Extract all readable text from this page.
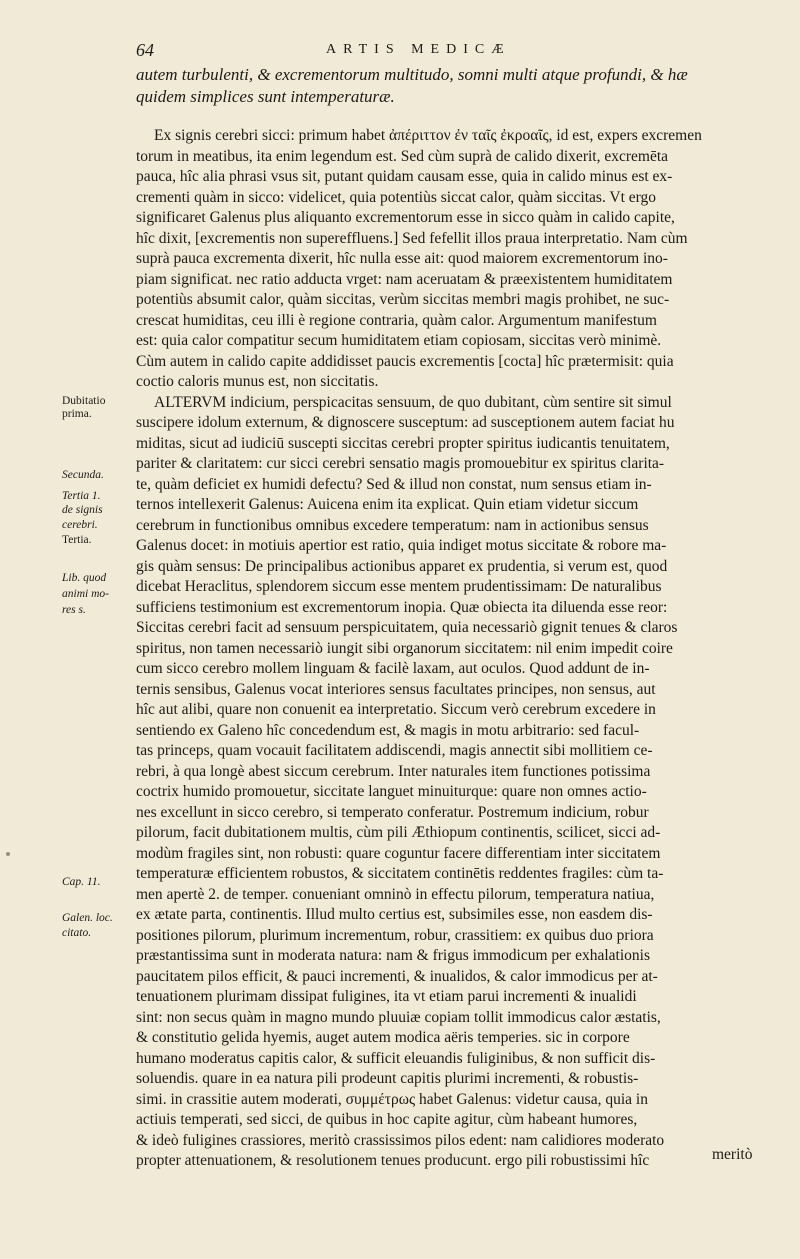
64	ARTIS MEDICÆ
autem turbulenti, & excrementorum multitudo, somni multi atque profundi, & hæ
quidem simplices sunt intemperaturæ.
Ex signis cerebri sicci: primum habet ἀπέριττον ἐν ταῖς ἐκροαῖς, id est, expers excremen
torum in meatibus, ita enim legendum est. Sed cùm suprà de calido dixerit, excremēta
pauca, hîc alia phrasi vsus sit, putant quidam causam esse, quia in calido minus est ex-
crementi quàm in sicco: videlicet, quia potentiùs siccat calor, quàm siccitas. Vt ergo
significaret Galenus plus aliquanto excrementorum esse in sicco quàm in calido capite,
hîc dixit, [excrementis non supereffluens.] Sed fefellit illos praua interpretatio. Nam cùm
suprà pauca excrementa dixerit, hîc nulla esse ait: quod maiorem excrementorum ino-
piam significat. nec ratio adducta vrget: nam aceruatam & præexistentem humiditatem
potentiùs absumit calor, quàm siccitas, verùm siccitas membri magis prohibet, ne suc-
crescat humiditas, ceu illi è regione contraria, quàm calor. Argumentum manifestum
est: quia calor compatitur secum humiditatem etiam copiosam, siccitas verò minimè.
Cùm autem in calido capite addidisset paucis excrementis [cocta] hîc prætermisit: quia
coctio caloris munus est, non siccitatis.
ALTERVM indicium, perspicacitas sensuum, de quo dubitant, cùm sentire sit simul
suscipere idolum externum, & dignoscere susceptum: ad susceptionem autem faciat hu
miditas, sicut ad iudiciū suscepti siccitas cerebri propter spiritus iudicantis tenuitatem,
pariter & claritatem: cur sicci cerebri sensatio magis promouebitur ex spiritus clarita-
te, quàm deficiet ex humidi defectu? Sed & illud non constat, num sensus etiam in-
ternos intellexerit Galenus: Auicena enim ita explicat. Quin etiam videtur siccum
cerebrum in functionibus omnibus excedere temperatum: nam in actionibus sensus
Galenus docet: in motiuis apertior est ratio, quia indiget motus siccitate & robore ma-
gis quàm sensus: De principalibus actionibus apparet ex prudentia, si verum est, quod
dicebat Heraclitus, splendorem siccum esse mentem prudentissimam: De naturalibus
sufficiens testimonium est excrementorum inopia. Quæ obiecta ita diluenda esse reor:
Siccitas cerebri facit ad sensuum perspicuitatem, quia necessariò gignit tenues & claros
spiritus, non tamen necessariò iungit sibi organorum siccitatem: nil enim impedit coire
cum sicco cerebro mollem linguam & facilè laxam, aut oculos. Quod addunt de in-
ternis sensibus, Galenus vocat interiores sensus facultates principes, non sensus, aut
hîc aut alibi, quare non conuenit ea interpretatio. Siccum verò cerebrum excedere in
sentiendo ex Galeno hîc concedendum est, & magis in motu arbitrario: sed facul-
tas princeps, quam vocauit facilitatem addiscendi, magis annectit sibi mollitiem ce-
rebri, à qua longè abest siccum cerebrum. Inter naturales item functiones potissima
coctrix humido promouetur, siccitate languet minuiturque: quare non omnes actio-
nes excellunt in sicco cerebro, si temperato conferatur. Postremum indicium, robur
pilorum, facit dubitationem multis, cùm pili Æthiopum continentis, scilicet, sicci ad-
modùm fragiles sint, non robusti: quare coguntur facere differentiam inter siccitatem
temperaturæ efficientem robustos, & siccitatem continētis reddentes fragiles: cùm ta-
men apertè 2. de temper. conueniant omninò in effectu pilorum, temperatura natiua,
ex ætate parta, continentis. Illud multo certius est, subsimiles esse, non easdem dis-
positiones pilorum, plurimum incrementum, robur, crassitiem: ex quibus duo priora
præstantissima sunt in moderata natura: nam & frigus immodicum per exhalationis
paucitatem pilos efficit, & pauci incrementi, & inualidos, & calor immodicus per at-
tenuationem plurimam dissipat fuligines, ita vt etiam parui incrementi & inualidi
sint: non secus quàm in magno mundo pluuiæ copiam tollit immodicus calor æstatis,
& constitutio gelida hyemis, auget autem modica aëris temperies. sic in corpore
humano moderatus capitis calor, & sufficit eleuandis fuliginibus, & non sufficit dis-
soluendis. quare in ea natura pili prodeunt capitis plurimi incrementi, & robustis-
simi. in crassitie autem moderati, συμμέτρως habet Galenus: videtur causa, quia in
actiuis temperati, sed sicci, de quibus in hoc capite agitur, cùm habeant humores,
& ideò fuligines crassiores, meritò crassissimos pilos edent: nam calidiores moderato
propter attenuationem, & resolutionem tenues producunt. ergo pili robustissimi hîc
Dubitatio
prima.
Secunda.
Tertia 1.
de signis
cerebri.
Tertia.
Lib. quod
animi mo-
res s.
Cap. 11.
Galen. loc.
citato.
meritò
